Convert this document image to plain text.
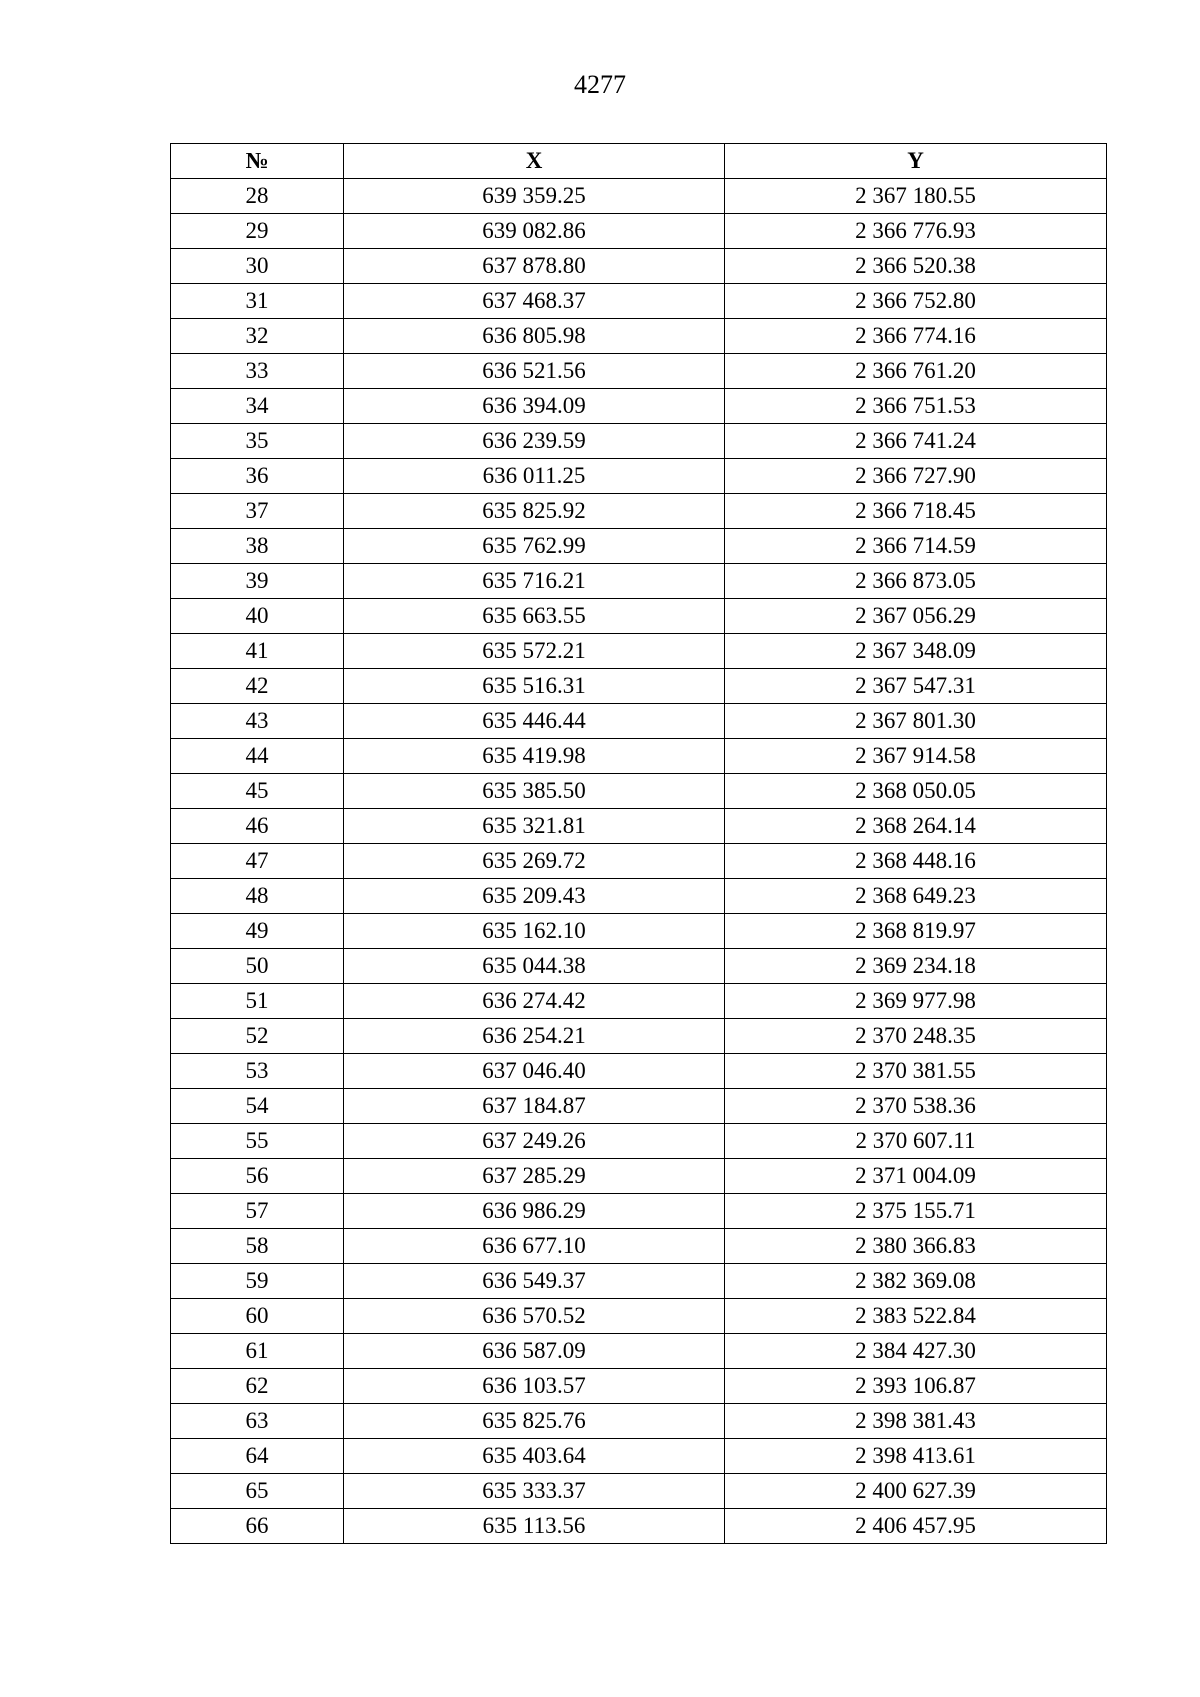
4277
№	X	Y
28	639 359.25	2 367 180.55
29	639 082.86	2 366 776.93
30	637 878.80	2 366 520.38
31	637 468.37	2 366 752.80
32	636 805.98	2 366 774.16
33	636 521.56	2 366 761.20
34	636 394.09	2 366 751.53
35	636 239.59	2 366 741.24
36	636 011.25	2 366 727.90
37	635 825.92	2 366 718.45
38	635 762.99	2 366 714.59
39	635 716.21	2 366 873.05
40	635 663.55	2 367 056.29
41	635 572.21	2 367 348.09
42	635 516.31	2 367 547.31
43	635 446.44	2 367 801.30
44	635 419.98	2 367 914.58
45	635 385.50	2 368 050.05
46	635 321.81	2 368 264.14
47	635 269.72	2 368 448.16
48	635 209.43	2 368 649.23
49	635 162.10	2 368 819.97
50	635 044.38	2 369 234.18
51	636 274.42	2 369 977.98
52	636 254.21	2 370 248.35
53	637 046.40	2 370 381.55
54	637 184.87	2 370 538.36
55	637 249.26	2 370 607.11
56	637 285.29	2 371 004.09
57	636 986.29	2 375 155.71
58	636 677.10	2 380 366.83
59	636 549.37	2 382 369.08
60	636 570.52	2 383 522.84
61	636 587.09	2 384 427.30
62	636 103.57	2 393 106.87
63	635 825.76	2 398 381.43
64	635 403.64	2 398 413.61
65	635 333.37	2 400 627.39
66	635 113.56	2 406 457.95
